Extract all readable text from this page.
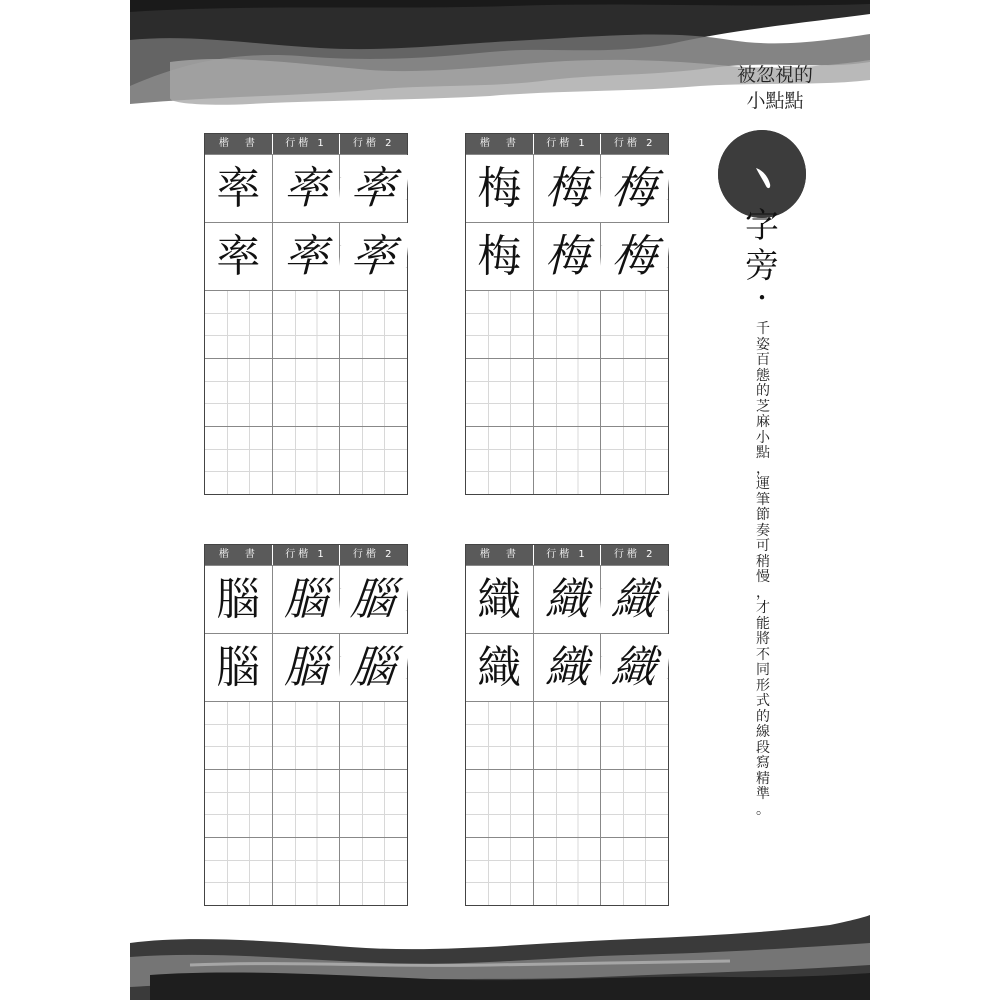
被忽視的
小點點
字
旁
・
千
姿
百
態
的
芝
麻
小
點
，
運
筆
節
奏
可
稍
慢
，
才
能
將
不
同
形
式
的
線
段
寫
精
準
。
楷　書	行楷 1	行楷 2
率 率 率
率 率 率
楷　書	行楷 1	行楷 2
梅 梅 梅
梅 梅 梅
楷　書	行楷 1	行楷 2
腦 腦 腦
腦 腦 腦
楷　書	行楷 1	行楷 2
織 織 織
織 織 織
